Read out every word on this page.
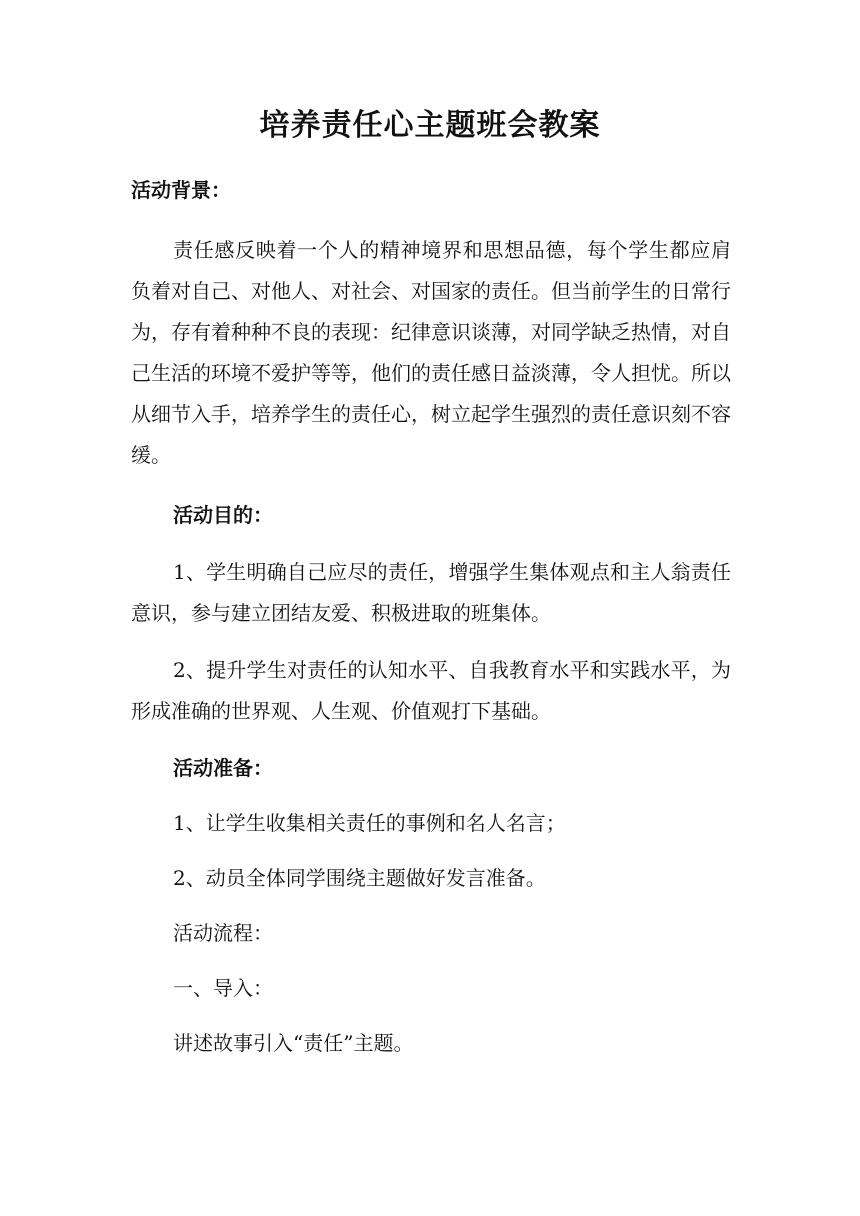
培养责任心主题班会教案
活动背景：
责任感反映着一个人的精神境界和思想品德，每个学生都应肩负着对自己、对他人、对社会、对国家的责任。但当前学生的日常行为，存有着种种不良的表现：纪律意识谈薄，对同学缺乏热情，对自己生活的环境不爱护等等，他们的责任感日益淡薄，令人担忧。所以从细节入手，培养学生的责任心，树立起学生强烈的责任意识刻不容缓。
活动目的：
1、学生明确自己应尽的责任，增强学生集体观点和主人翁责任意识，参与建立团结友爱、积极进取的班集体。
2、提升学生对责任的认知水平、自我教育水平和实践水平，为形成准确的世界观、人生观、价值观打下基础。
活动准备：
1、让学生收集相关责任的事例和名人名言；
2、动员全体同学围绕主题做好发言准备。
活动流程：
一、导入：
讲述故事引入“责任”主题。
